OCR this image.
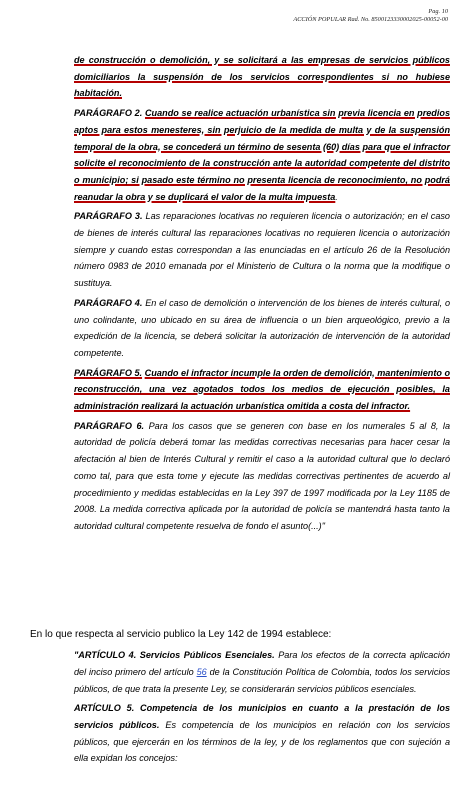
Pag. 10
ACCIÓN POPULAR Rad. No. 85001233300020​25-00052-00

de construcción o demolición, y se solicitará a las empresas de servicios públicos domiciliarios la suspensión de los servicios correspondientes si no hubiese habitación.

PARÁGRAFO 2. Cuando se realice actuación urbanística sin previa licencia en predios aptos para estos menesteres, sin perjuicio de la medida de multa y de la suspensión temporal de la obra, se concederá un término de sesenta (60) días para que el infractor solicite el reconocimiento de la construcción ante la autoridad competente del distrito o municipio; si pasado este término no presenta licencia de reconocimiento, no podrá reanudar la obra y se duplicará el valor de la multa impuesta.

PARÁGRAFO 3. Las reparaciones locativas no requieren licencia o autorización; en el caso de bienes de interés cultural las reparaciones locativas no requieren licencia o autorización siempre y cuando estas correspondan a las enunciadas en el artículo 26 de la Resolución número 0983 de 2010 emanada por el Ministerio de Cultura o la norma que la modifique o sustituya.

PARÁGRAFO 4. En el caso de demolición o intervención de los bienes de interés cultural, o uno colindante, uno ubicado en su área de influencia o un bien arqueológico, previo a la expedición de la licencia, se deberá solicitar la autorización de intervención de la autoridad competente.

PARÁGRAFO 5. Cuando el infractor incumple la orden de demolición, mantenimiento o reconstrucción, una vez agotados todos los medios de ejecución posibles, la administración realizará la actuación urbanística omitida a costa del infractor.

PARÁGRAFO 6. Para los casos que se generen con base en los numerales 5 al 8, la autoridad de policía deberá tomar las medidas correctivas necesarias para hacer cesar la afectación al bien de Interés Cultural y remitir el caso a la autoridad cultural que lo declaró como tal, para que esta tome y ejecute las medidas correctivas pertinentes de acuerdo al procedimiento y medidas establecidas en la Ley 397 de 1997 modificada por la Ley 1185 de 2008. La medida correctiva aplicada por la autoridad de policía se mantendrá hasta tanto la autoridad cultural competente resuelva de fondo el asunto(...)"

En lo que respecta al servicio publico la Ley 142 de 1994 establece:

"ARTÍCULO 4. Servicios Públicos Esenciales. Para los efectos de la correcta aplicación del inciso primero del artículo 56 de la Constitución Política de Colombia, todos los servicios públicos, de que trata la presente Ley, se considerarán servicios públicos esenciales.

ARTÍCULO 5. Competencia de los municipios en cuanto a la prestación de los servicios públicos. Es competencia de los municipios en relación con los servicios públicos, que ejercerán en los términos de la ley, y de los reglamentos que con sujeción a ella expidan los concejos:
